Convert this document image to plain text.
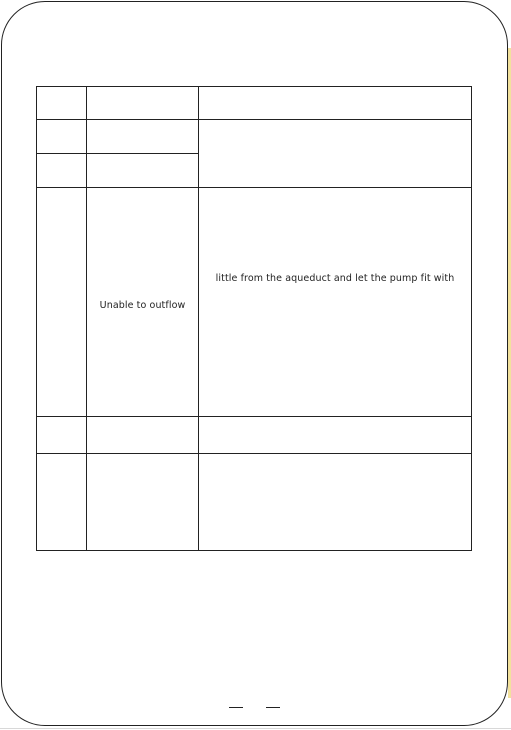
	Unable to outflow	little from the aqueduct and let the pump fit with
